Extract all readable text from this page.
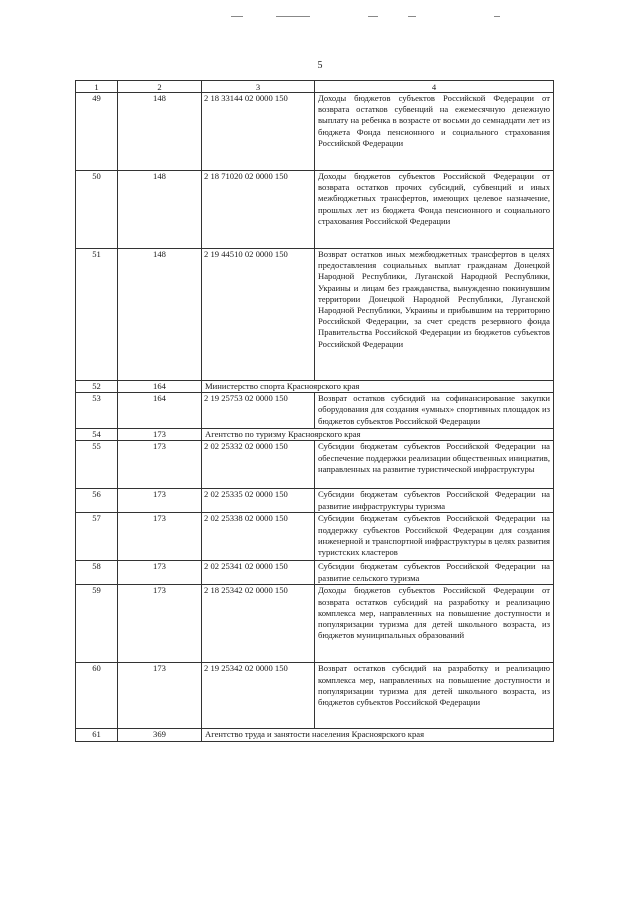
5
1	2	3	4
49	148	2 18 33144 02 0000 150	Доходы бюджетов субъектов Российской Федерации от возврата остатков субвенций на ежемесячную денежную выплату на ребенка в возрасте от восьми до семнадцати лет из бюджета Фонда пенсионного и социального страхования Российской Федерации
50	148	2 18 71020 02 0000 150	Доходы бюджетов субъектов Российской Федерации от возврата остатков прочих субсидий, субвенций и иных межбюджетных трансфертов, имеющих целевое назначение, прошлых лет из бюджета Фонда пенсионного и социального страхования Российской Федерации
51	148	2 19 44510 02 0000 150	Возврат остатков иных межбюджетных трансфертов в целях предоставления социальных выплат гражданам Донецкой Народной Республики, Луганской Народной Республики, Украины и лицам без гражданства, вынужденно покинувшим территории Донецкой Народной Республики, Луганской Народной Республики, Украины и прибывшим на территорию Российской Федерации, за счет средств резервного фонда Правительства Российской Федерации из бюджетов субъектов Российской Федерации
52	164	Министерство спорта Красноярского края	
53	164	2 19 25753 02 0000 150	Возврат остатков субсидий на софинансирование закупки оборудования для создания «умных» спортивных площадок из бюджетов субъектов Российской Федерации
54	173	Агентство по туризму Красноярского края	
55	173	2 02 25332 02 0000 150	Субсидии бюджетам субъектов Российской Федерации на обеспечение поддержки реализации общественных инициатив, направленных на развитие туристической инфраструктуры
56	173	2 02 25335 02 0000 150	Субсидии бюджетам субъектов Российской Федерации на развитие инфраструктуры туризма
57	173	2 02 25338 02 0000 150	Субсидии бюджетам субъектов Российской Федерации на поддержку субъектов Российской Федерации для создания инженерной и транспортной инфраструктуры в целях развития туристских кластеров
58	173	2 02 25341 02 0000 150	Субсидии бюджетам субъектов Российской Федерации на развитие сельского туризма
59	173	2 18 25342 02 0000 150	Доходы бюджетов субъектов Российской Федерации от возврата остатков субсидий на разработку и реализацию комплекса мер, направленных на повышение доступности и популяризации туризма для детей школьного возраста, из бюджетов муниципальных образований
60	173	2 19 25342 02 0000 150	Возврат остатков субсидий на разработку и реализацию комплекса мер, направленных на повышение доступности и популяризации туризма для детей школьного возраста, из бюджетов субъектов Российской Федерации
61	369	Агентство труда и занятости населения Красноярского края	
